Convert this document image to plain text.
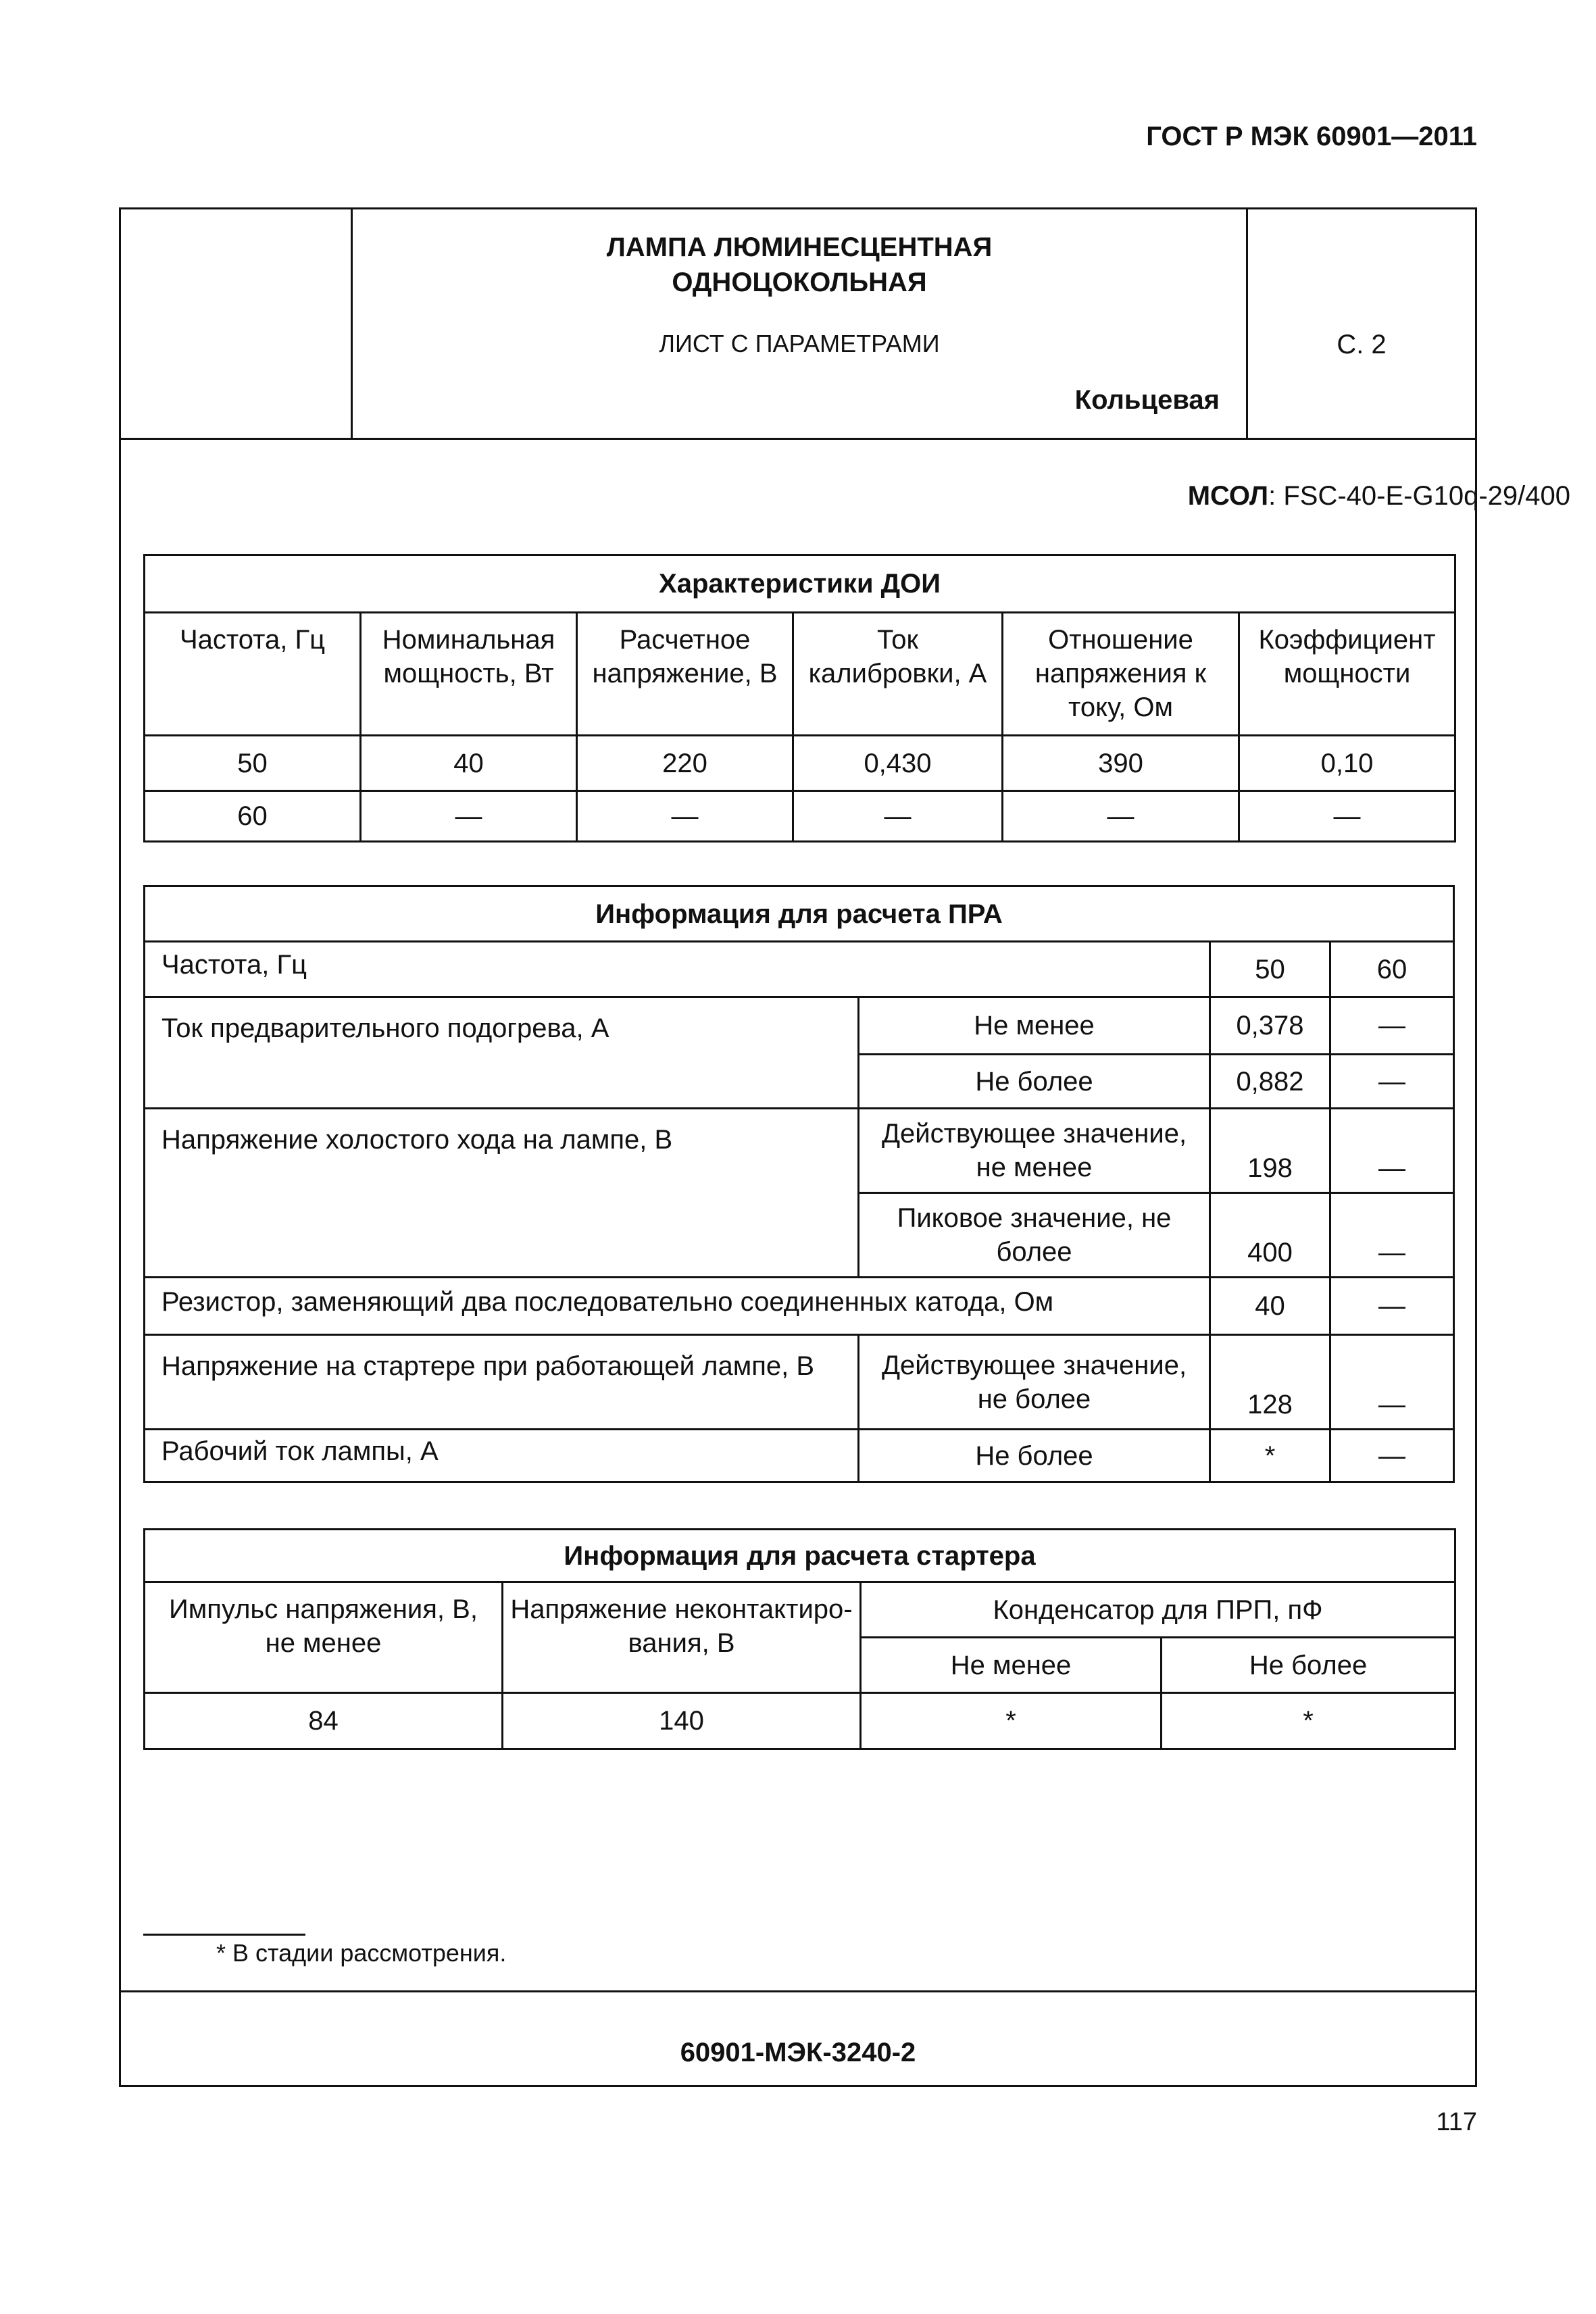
ГОСТ Р МЭК 60901—2011
ЛАМПА ЛЮМИНЕСЦЕНТНАЯ
ОДНОЦОКОЛЬНАЯ
ЛИСТ С ПАРАМЕТРАМИ
Кольцевая
С. 2
60901-МЭК-3240-2
МСОЛ: FSC-40-E-G10q-29/400
Характеристики ДОИ					
Частота, Гц	Номинальная мощность, Вт	Расчетное напряжение, В	Ток калибровки, А	Отношение напряжения к току, Ом	Коэффициент мощности
50	40	220	0,430	390	0,10
60	—	—	—	—	—
Информация для расчета ПРА			
Частота, Гц		50	60
Ток предварительного подогрева, А	Не менее	0,378	—
	Не более	0,882	—
Напряжение холостого хода на лампе, В	Действующее значение, не менее	198	—
	Пиковое значение, не более	400	—
Резистор, заменяющий два последовательно соединенных катода, Ом		40	—
Напряжение на стартере при работающей лампе, В	Действующее значение, не более	128	—
Рабочий ток лампы, А	Не более	*	—
Информация для расчета стартера			
Импульс напряжения, В, не менее	Напряжение неконтактиро-вания, В	Конденсатор для ПРП, пФ	
		Не менее	Не более
84	140	*	*
* В стадии рассмотрения.
117
